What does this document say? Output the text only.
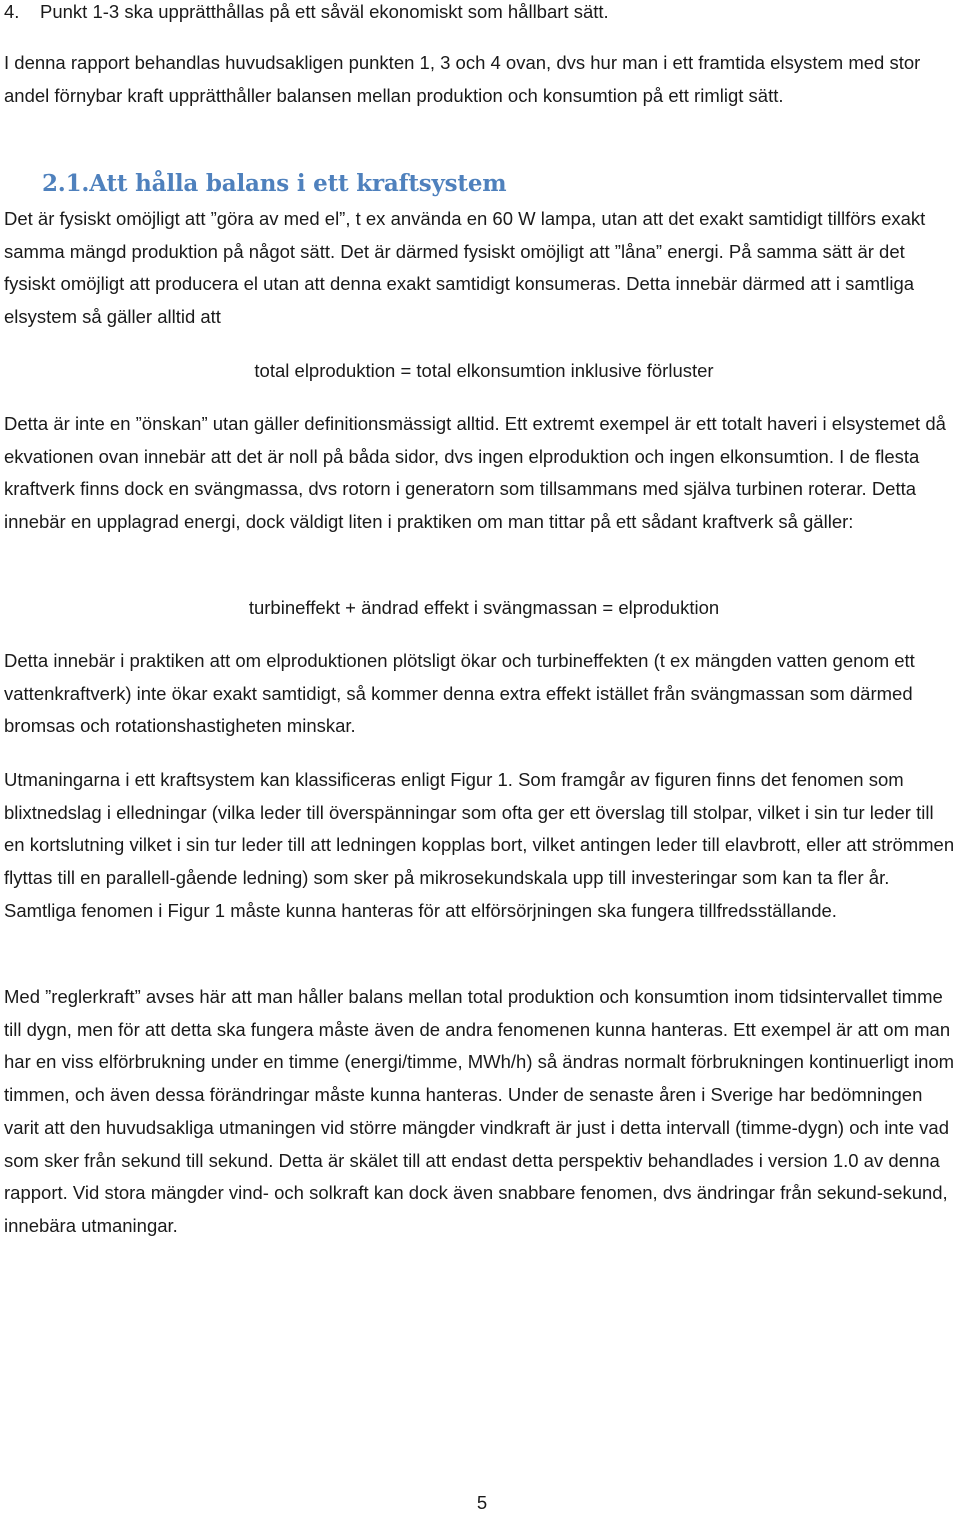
4. Punkt 1-3 ska upprätthållas på ett såväl ekonomiskt som hållbart sätt.

I denna rapport behandlas huvudsakligen punkten 1, 3 och 4 ovan, dvs hur man i ett framtida elsystem med stor andel förnybar kraft upprätthåller balansen mellan produktion och konsumtion på ett rimligt sätt.

2.1.Att hålla balans i ett kraftsystem

Det är fysiskt omöjligt att ”göra av med el”, t ex använda en 60 W lampa, utan att det exakt samtidigt tillförs exakt samma mängd produktion på något sätt. Det är därmed fysiskt omöjligt att ”låna” energi. På samma sätt är det fysiskt omöjligt att producera el utan att denna exakt samtidigt konsumeras. Detta innebär därmed att i samtliga elsystem så gäller alltid att

total elproduktion = total elkonsumtion inklusive förluster

Detta är inte en ”önskan” utan gäller definitionsmässigt alltid. Ett extremt exempel är ett totalt haveri i elsystemet då ekvationen ovan innebär att det är noll på båda sidor, dvs ingen elproduktion och ingen elkonsumtion. I de flesta kraftverk finns dock en svängmassa, dvs rotorn i generatorn som tillsammans med själva turbinen roterar. Detta innebär en upplagrad energi, dock väldigt liten i praktiken om man tittar på ett sådant kraftverk så gäller:

turbineffekt + ändrad effekt i svängmassan = elproduktion

Detta innebär i praktiken att om elproduktionen plötsligt ökar och turbineffekten (t ex mängden vatten genom ett vattenkraftverk) inte ökar exakt samtidigt, så kommer denna extra effekt istället från svängmassan som därmed bromsas och rotationshastigheten minskar.

Utmaningarna i ett kraftsystem kan klassificeras enligt Figur 1. Som framgår av figuren finns det fenomen som blixtnedslag i elledningar (vilka leder till överspänningar som ofta ger ett överslag till stolpar, vilket i sin tur leder till en kortslutning vilket i sin tur leder till att ledningen kopplas bort, vilket antingen leder till elavbrott, eller att strömmen flyttas till en parallell-gående ledning) som sker på mikrosekundskala upp till investeringar som kan ta fler år. Samtliga fenomen i Figur 1 måste kunna hanteras för att elförsörjningen ska fungera tillfredsställande.

Med ”reglerkraft” avses här att man håller balans mellan total produktion och konsumtion inom tidsintervallet timme till dygn, men för att detta ska fungera måste även de andra fenomenen kunna hanteras. Ett exempel är att om man har en viss elförbrukning under en timme (energi/timme, MWh/h) så ändras normalt förbrukningen kontinuerligt inom timmen, och även dessa förändringar måste kunna hanteras. Under de senaste åren i Sverige har bedömningen varit att den huvudsakliga utmaningen vid större mängder vindkraft är just i detta intervall (timme-dygn) och inte vad som sker från sekund till sekund. Detta är skälet till att endast detta perspektiv behandlades i version 1.0 av denna rapport. Vid stora mängder vind- och solkraft kan dock även snabbare fenomen, dvs ändringar från sekund-sekund, innebära utmaningar.

5
